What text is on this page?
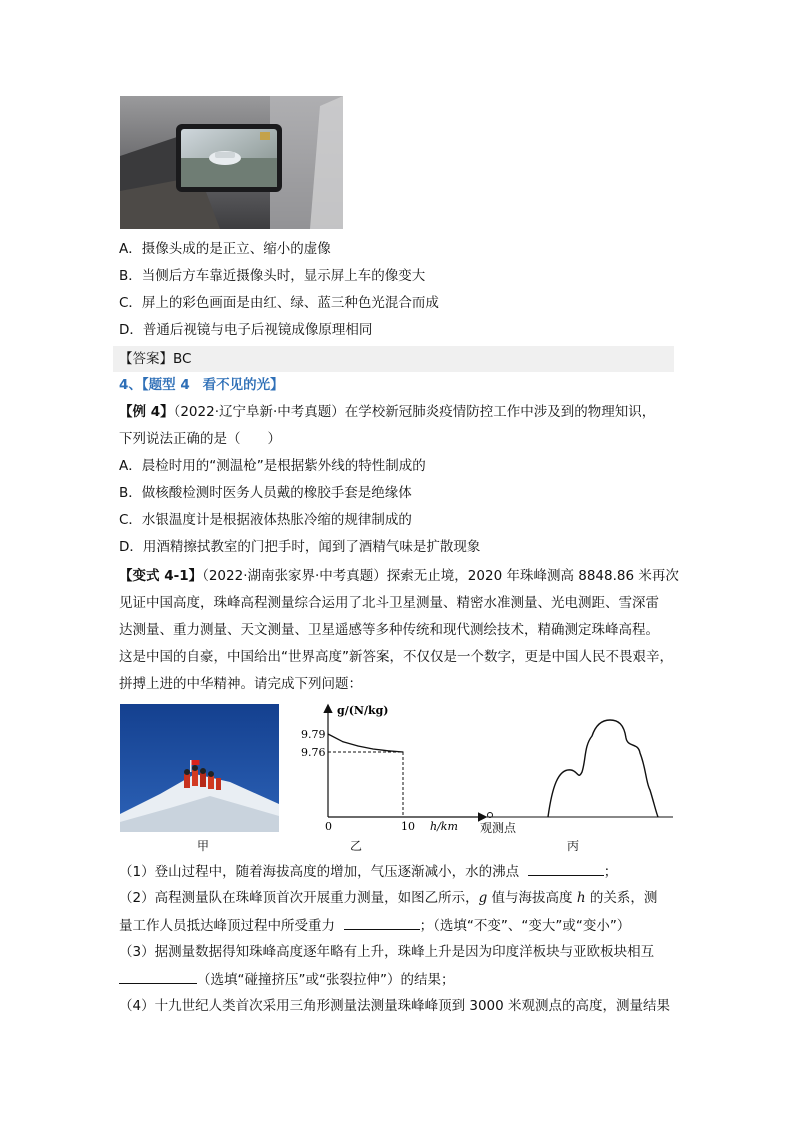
A．摄像头成的是正立、缩小的虚像
B．当侧后方车靠近摄像头时，显示屏上车的像变大
C．屏上的彩色画面是由红、绿、蓝三种色光混合而成
D．普通后视镜与电子后视镜成像原理相同
【答案】BC
4、【题型 4 看不见的光】
【例 4】（2022·辽宁阜新·中考真题）在学校新冠肺炎疫情防控工作中涉及到的物理知识，
下列说法正确的是（　　）
A．晨检时用的“测温枪”是根据紫外线的特性制成的
B．做核酸检测时医务人员戴的橡胶手套是绝缘体
C．水银温度计是根据液体热胀冷缩的规律制成的
D．用酒精擦拭教室的门把手时，闻到了酒精气味是扩散现象
【变式 4-1】（2022·湖南张家界·中考真题）探索无止境，2020 年珠峰测高 8848.86 米再次
见证中国高度，珠峰高程测量综合运用了北斗卫星测量、精密水准测量、光电测距、雪深雷
达测量、重力测量、天文测量、卫星遥感等多种传统和现代测绘技术，精确测定珠峰高程。
这是中国的自豪，中国给出“世界高度”新答案，不仅仅是一个数字，更是中国人民不畏艰辛，
拼搏上进的中华精神。请完成下列问题：
甲
g/(N/kg)
h/km
0	10
9.79
9.76
乙
观测点
丙
（1）登山过程中，随着海拔高度的增加，气压逐渐减小，水的沸点	；
（2）高程测量队在珠峰顶首次开展重力测量，如图乙所示，g 值与海拔高度 h 的关系，测
量工作人员抵达峰顶过程中所受重力	；（选填“不变”、“变大”或“变小”）
（3）据测量数据得知珠峰高度逐年略有上升，珠峰上升是因为印度洋板块与亚欧板块相互
（选填“碰撞挤压”或“张裂拉伸”）的结果；
（4）十九世纪人类首次采用三角形测量法测量珠峰峰顶到 3000 米观测点的高度，测量结果
